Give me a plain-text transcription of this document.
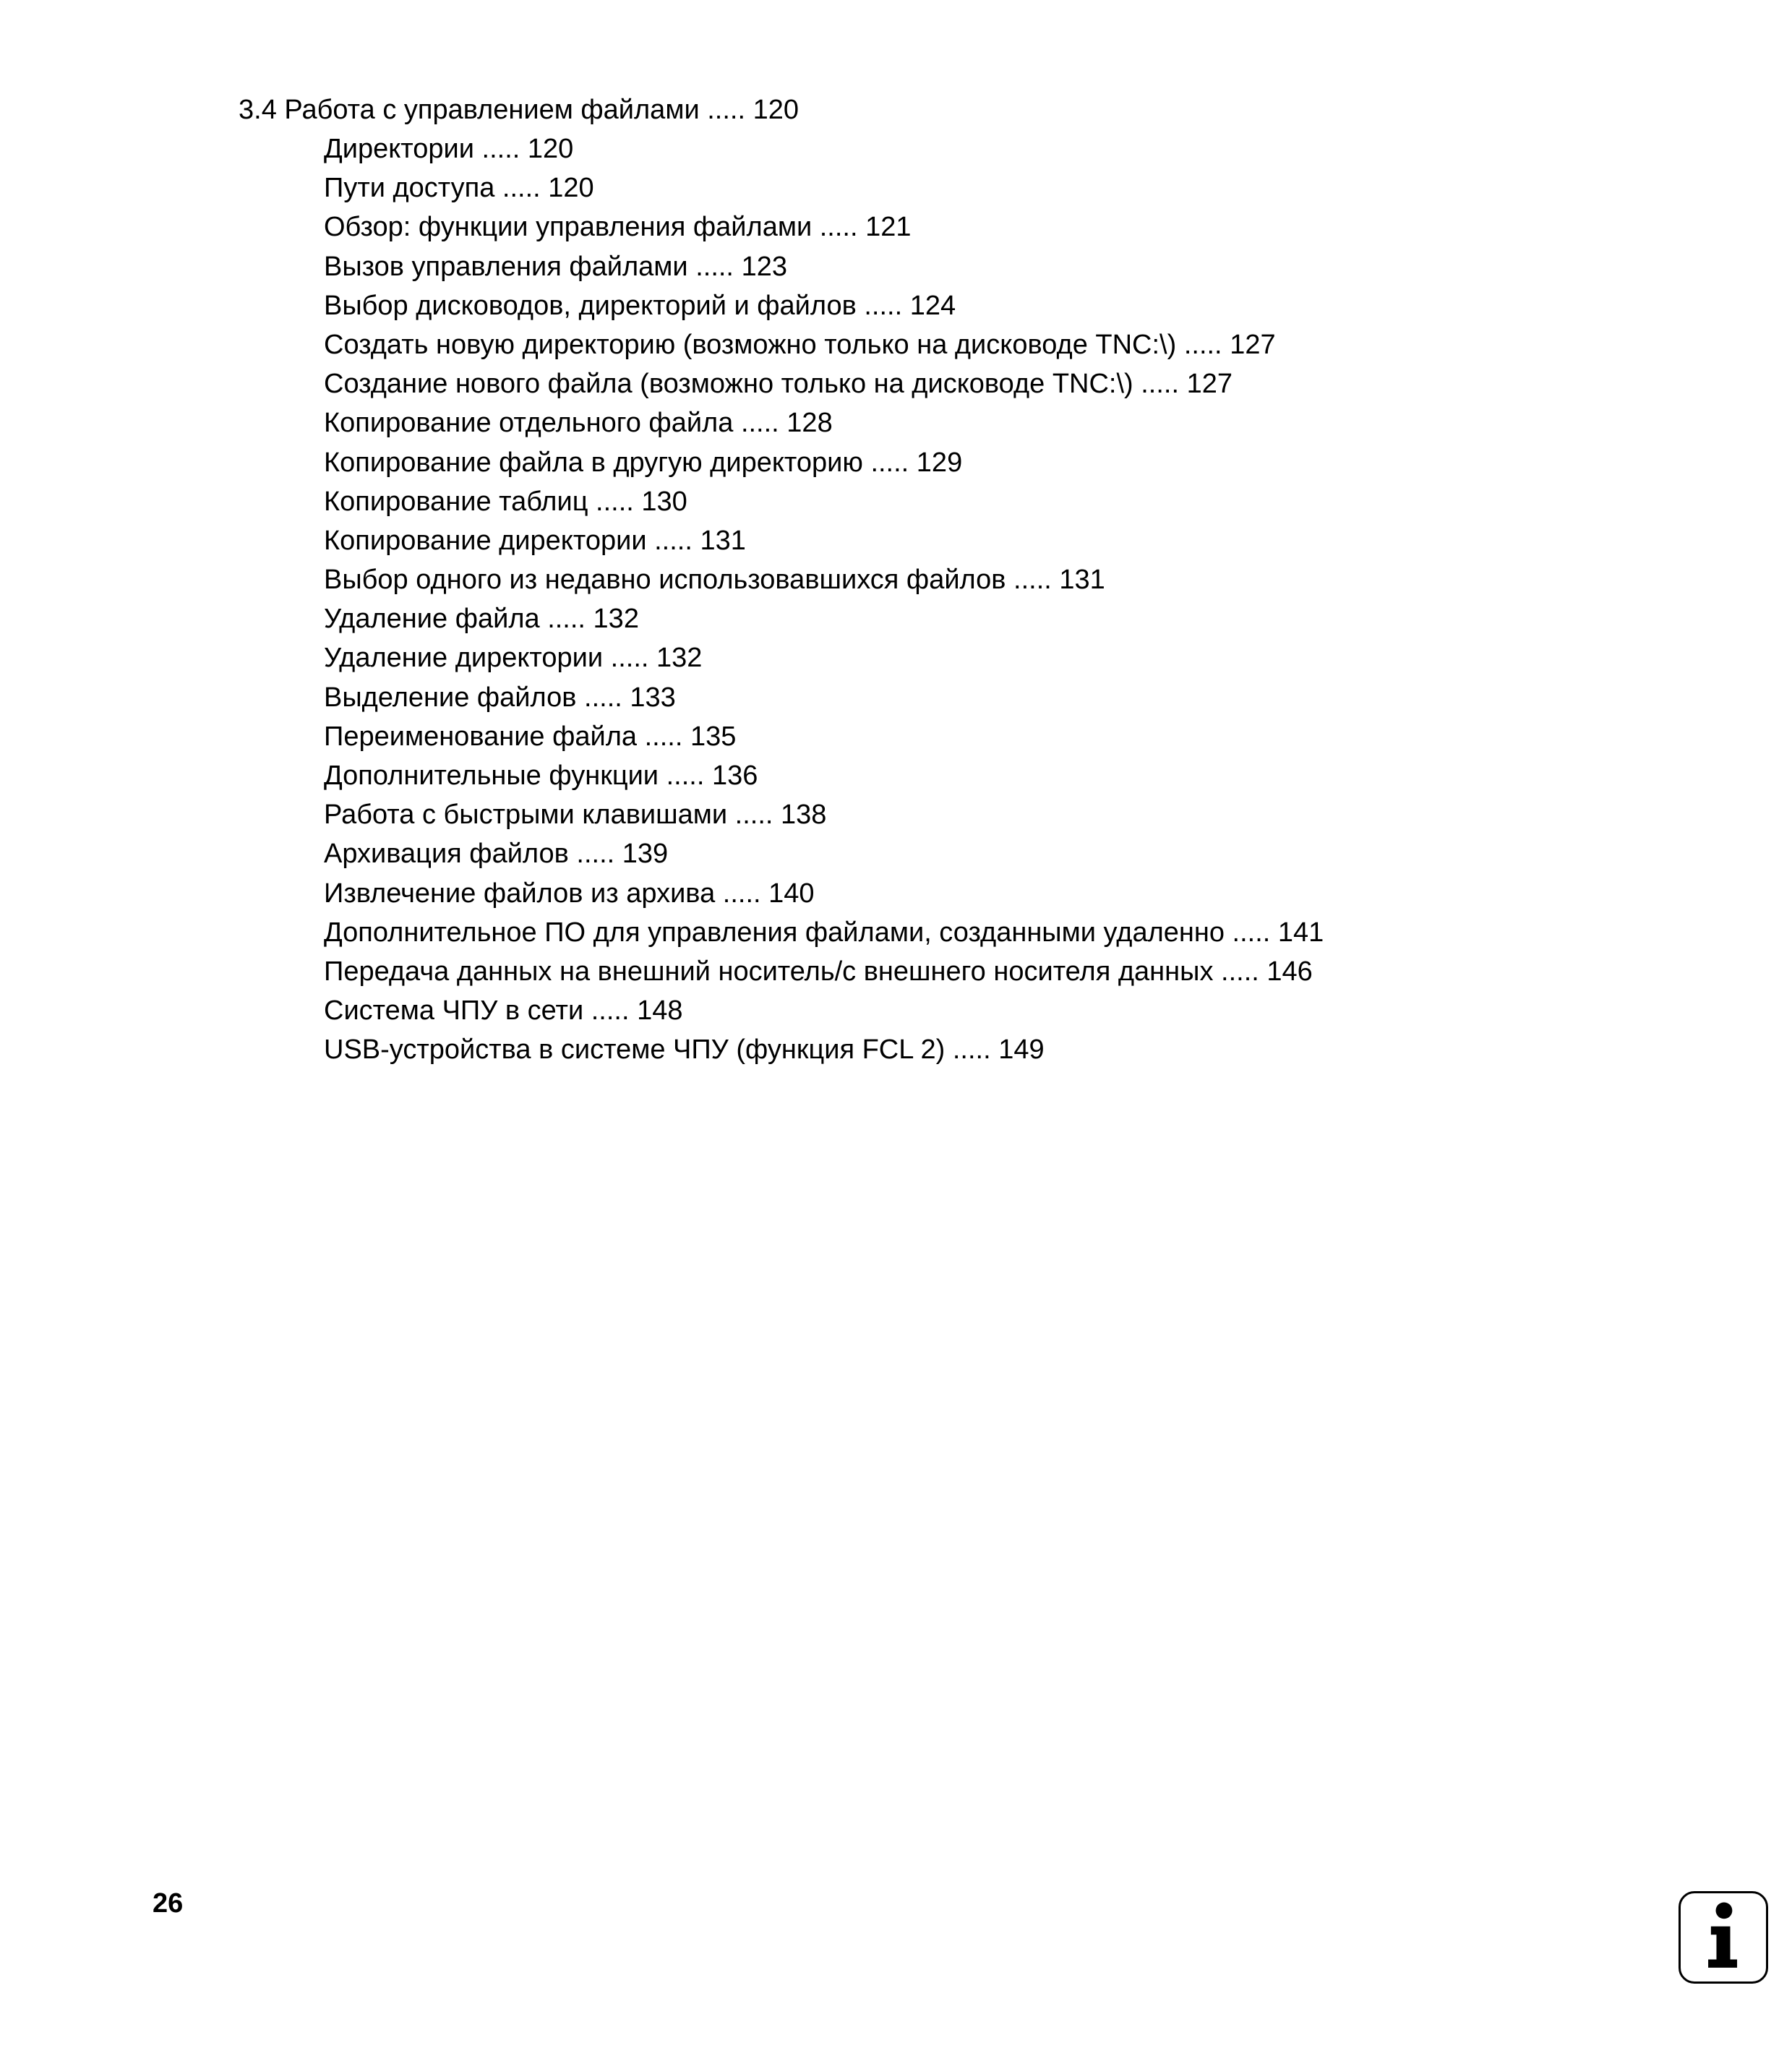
3.4 Работа с управлением файлами ..... 120
Директории ..... 120
Пути доступа ..... 120
Обзор: функции управления файлами ..... 121
Вызов управления файлами ..... 123
Выбор дисководов, директорий и файлов ..... 124
Создать новую директорию (возможно только на дисководе TNC:\) ..... 127
Создание нового файла (возможно только на дисководе TNC:\) ..... 127
Копирование отдельного файла ..... 128
Копирование файла в другую директорию ..... 129
Копирование таблиц ..... 130
Копирование директории ..... 131
Выбор одного из недавно использовавшихся файлов ..... 131
Удаление файла ..... 132
Удаление директории ..... 132
Выделение файлов ..... 133
Переименование файла ..... 135
Дополнительные функции ..... 136
Работа с быстрыми клавишами ..... 138
Архивация файлов ..... 139
Извлечение файлов из архива ..... 140
Дополнительное ПО для управления файлами, созданными удаленно ..... 141
Передача данных на внешний носитель/с внешнего носителя данных ..... 146
Система ЧПУ в сети ..... 148
USB-устройства в системе ЧПУ (функция FCL 2) ..... 149
26
